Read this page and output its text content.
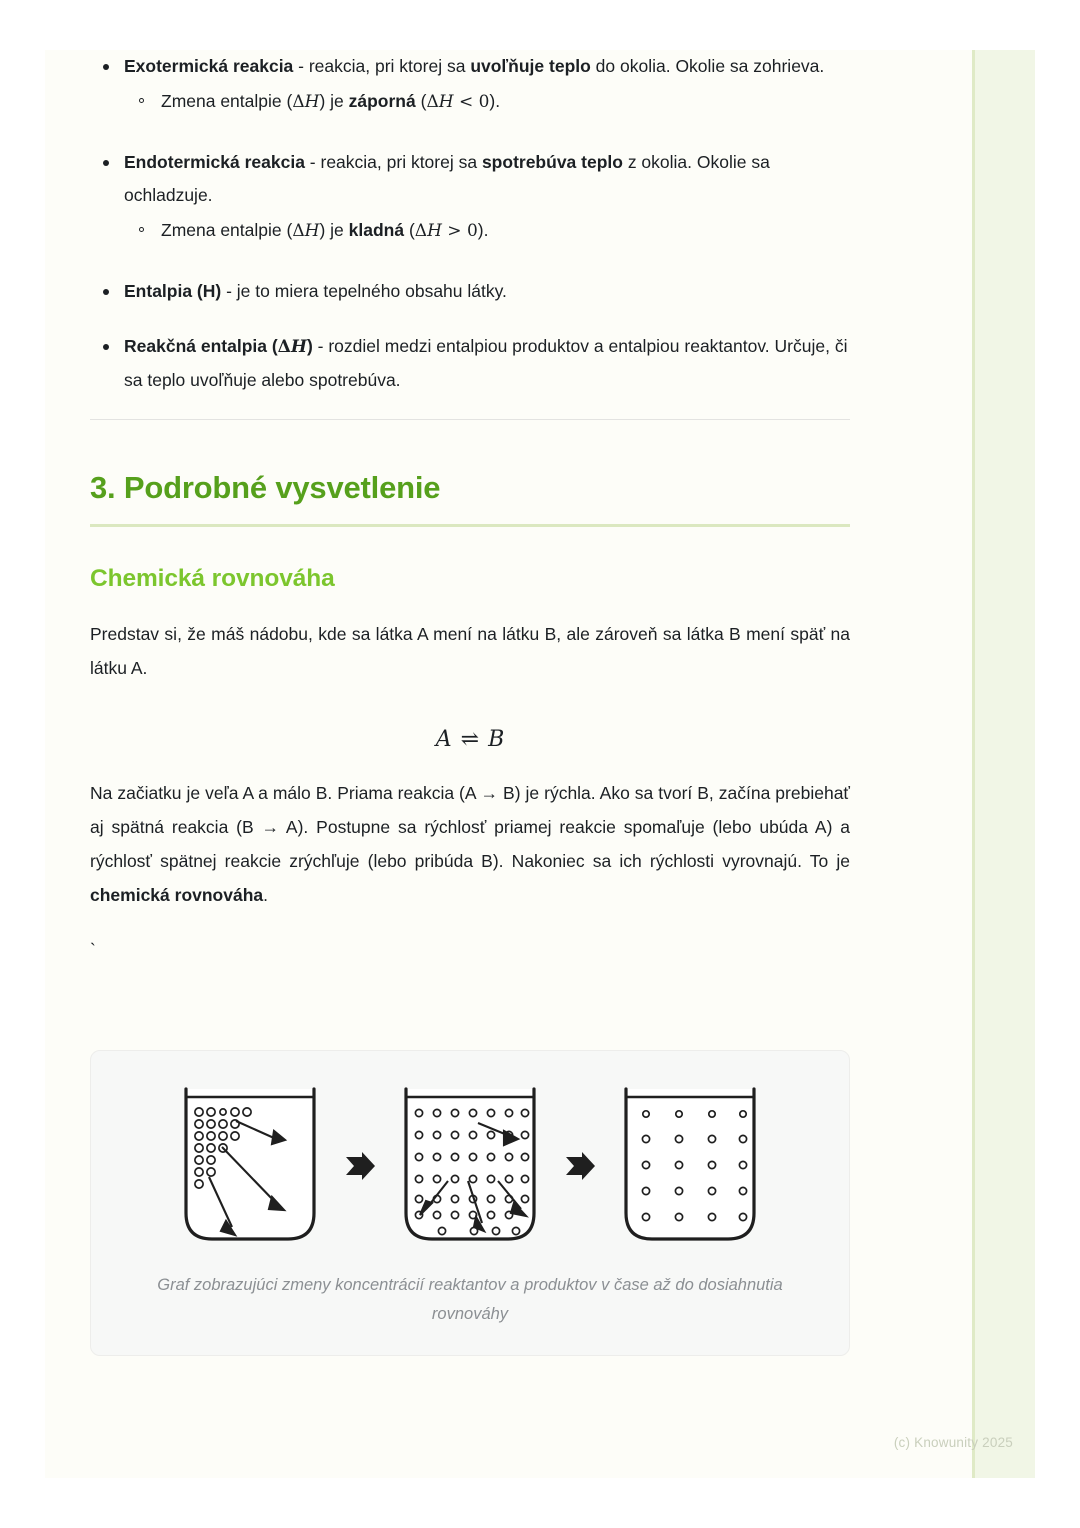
Exotermická reakcia - reakcia, pri ktorej sa uvoľňuje teplo do okolia. Okolie sa zohrieva.
Zmena entalpie (ΔH) je záporná (ΔH < 0).
Endotermická reakcia - reakcia, pri ktorej sa spotrebúva teplo z okolia. Okolie sa ochladzuje.
Zmena entalpie (ΔH) je kladná (ΔH > 0).
Entalpia (H) - je to miera tepelného obsahu látky.
Reakčná entalpia (ΔH) - rozdiel medzi entalpiou produktov a entalpiou reaktantov. Určuje, či sa teplo uvoľňuje alebo spotrebúva.
3. Podrobné vysvetlenie
Chemická rovnováha

Predstav si, že máš nádobu, kde sa látka A mení na látku B, ale zároveň sa látka B mení späť na látku A.

A ⇌ B

Na začiatku je veľa A a málo B. Priama reakcia (A → B) je rýchla. Ako sa tvorí B, začína prebiehať aj spätná reakcia (B → A). Postupne sa rýchlosť priamej reakcie spomaľuje (lebo ubúda A) a rýchlosť spätnej reakcie zrýchľuje (lebo pribúda B). Nakoniec sa ich rýchlosti vyrovnajú. To je chemická rovnováha.

`

Graf zobrazujúci zmeny koncentrácií reaktantov a produktov v čase až do dosiahnutia rovnováhy
(c) Knowunity 2025
